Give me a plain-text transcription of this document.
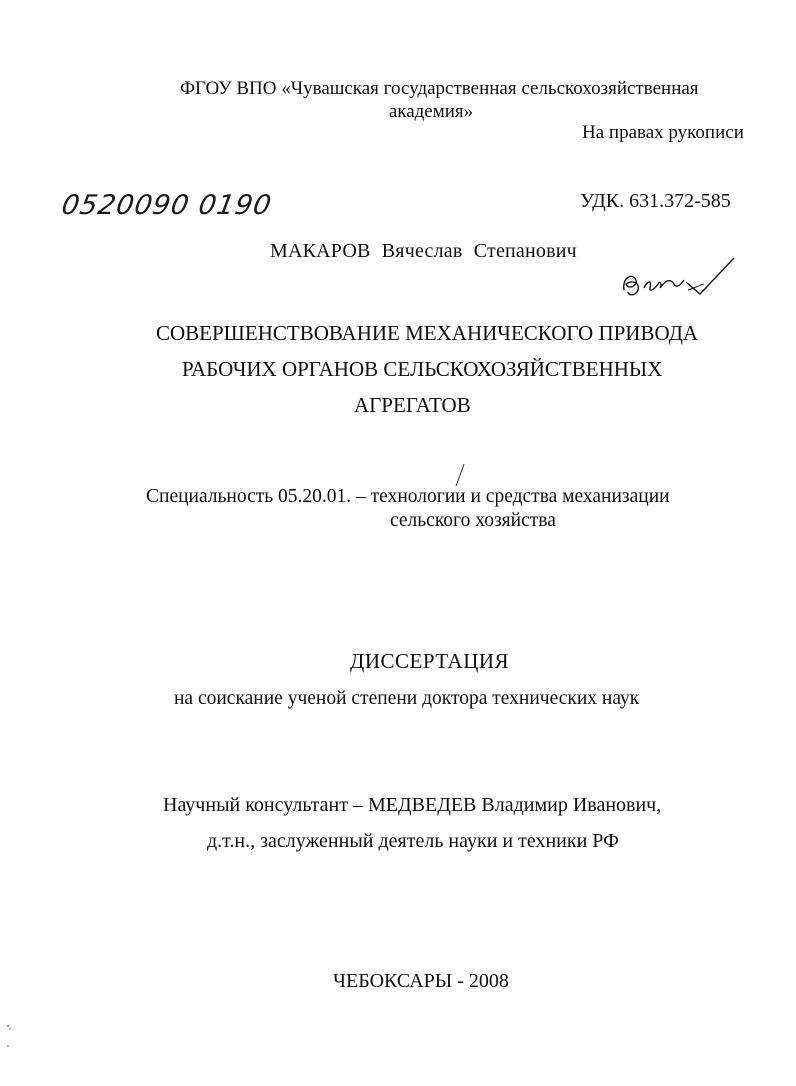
ФГОУ ВПО «Чувашская государственная сельскохозяйственная
академия»
На правах рукописи
0520090 0190	УДК. 631.372-585
МАКАРОВ Вячеслав Степанович
СОВЕРШЕНСТВОВАНИЕ МЕХАНИЧЕСКОГО ПРИВОДА
РАБОЧИХ ОРГАНОВ СЕЛЬСКОХОЗЯЙСТВЕННЫХ
АГРЕГАТОВ
Специальность 05.20.01. – технологии и средства механизации
сельского хозяйства
ДИССЕРТАЦИЯ
на соискание ученой степени доктора технических наук
Научный консультант – МЕДВЕДЕВ Владимир Иванович,
д.т.н., заслуженный деятель науки и техники РФ
ЧЕБОКСАРЫ - 2008
